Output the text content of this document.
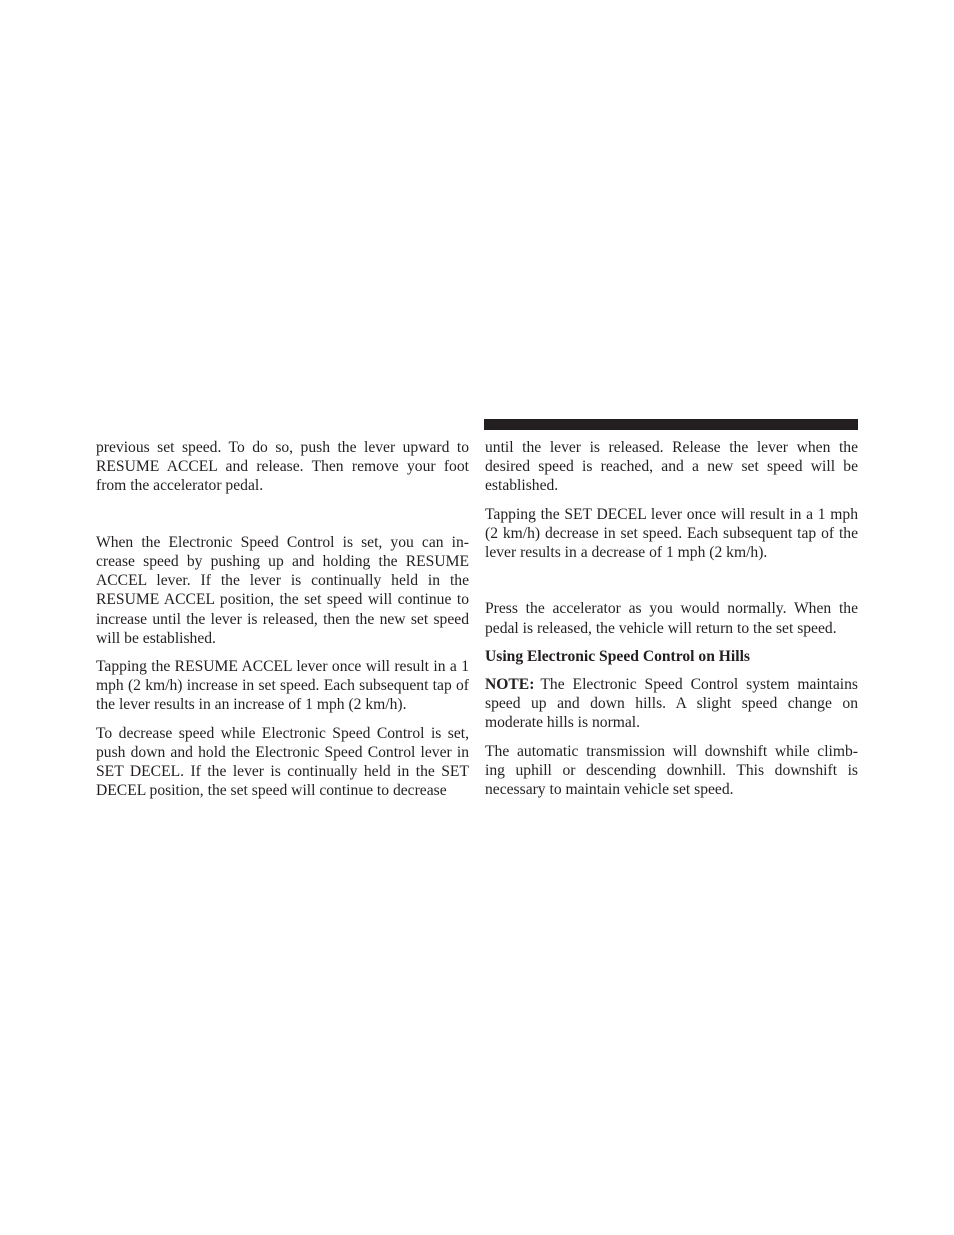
previous set speed. To do so, push the lever upward to RESUME ACCEL and release. Then remove your foot from the accelerator pedal.

When the Electronic Speed Control is set, you can in- crease speed by pushing up and holding the RESUME ACCEL lever. If the lever is continually held in the RESUME ACCEL position, the set speed will continue to increase until the lever is released, then the new set speed will be established.

Tapping the RESUME ACCEL lever once will result in a 1 mph (2 km/h) increase in set speed. Each subsequent tap of the lever results in an increase of 1 mph (2 km/h).

To decrease speed while Electronic Speed Control is set, push down and hold the Electronic Speed Control lever in SET DECEL. If the lever is continually held in the SET DECEL position, the set speed will continue to decrease

until the lever is released. Release the lever when the desired speed is reached, and a new set speed will be established.

Tapping the SET DECEL lever once will result in a 1 mph (2 km/h) decrease in set speed. Each subsequent tap of the lever results in a decrease of 1 mph (2 km/h).

Press the accelerator as you would normally. When the pedal is released, the vehicle will return to the set speed.

Using Electronic Speed Control on Hills

NOTE: The Electronic Speed Control system maintains speed up and down hills. A slight speed change on moderate hills is normal.

The automatic transmission will downshift while climb- ing uphill or descending downhill. This downshift is necessary to maintain vehicle set speed.
